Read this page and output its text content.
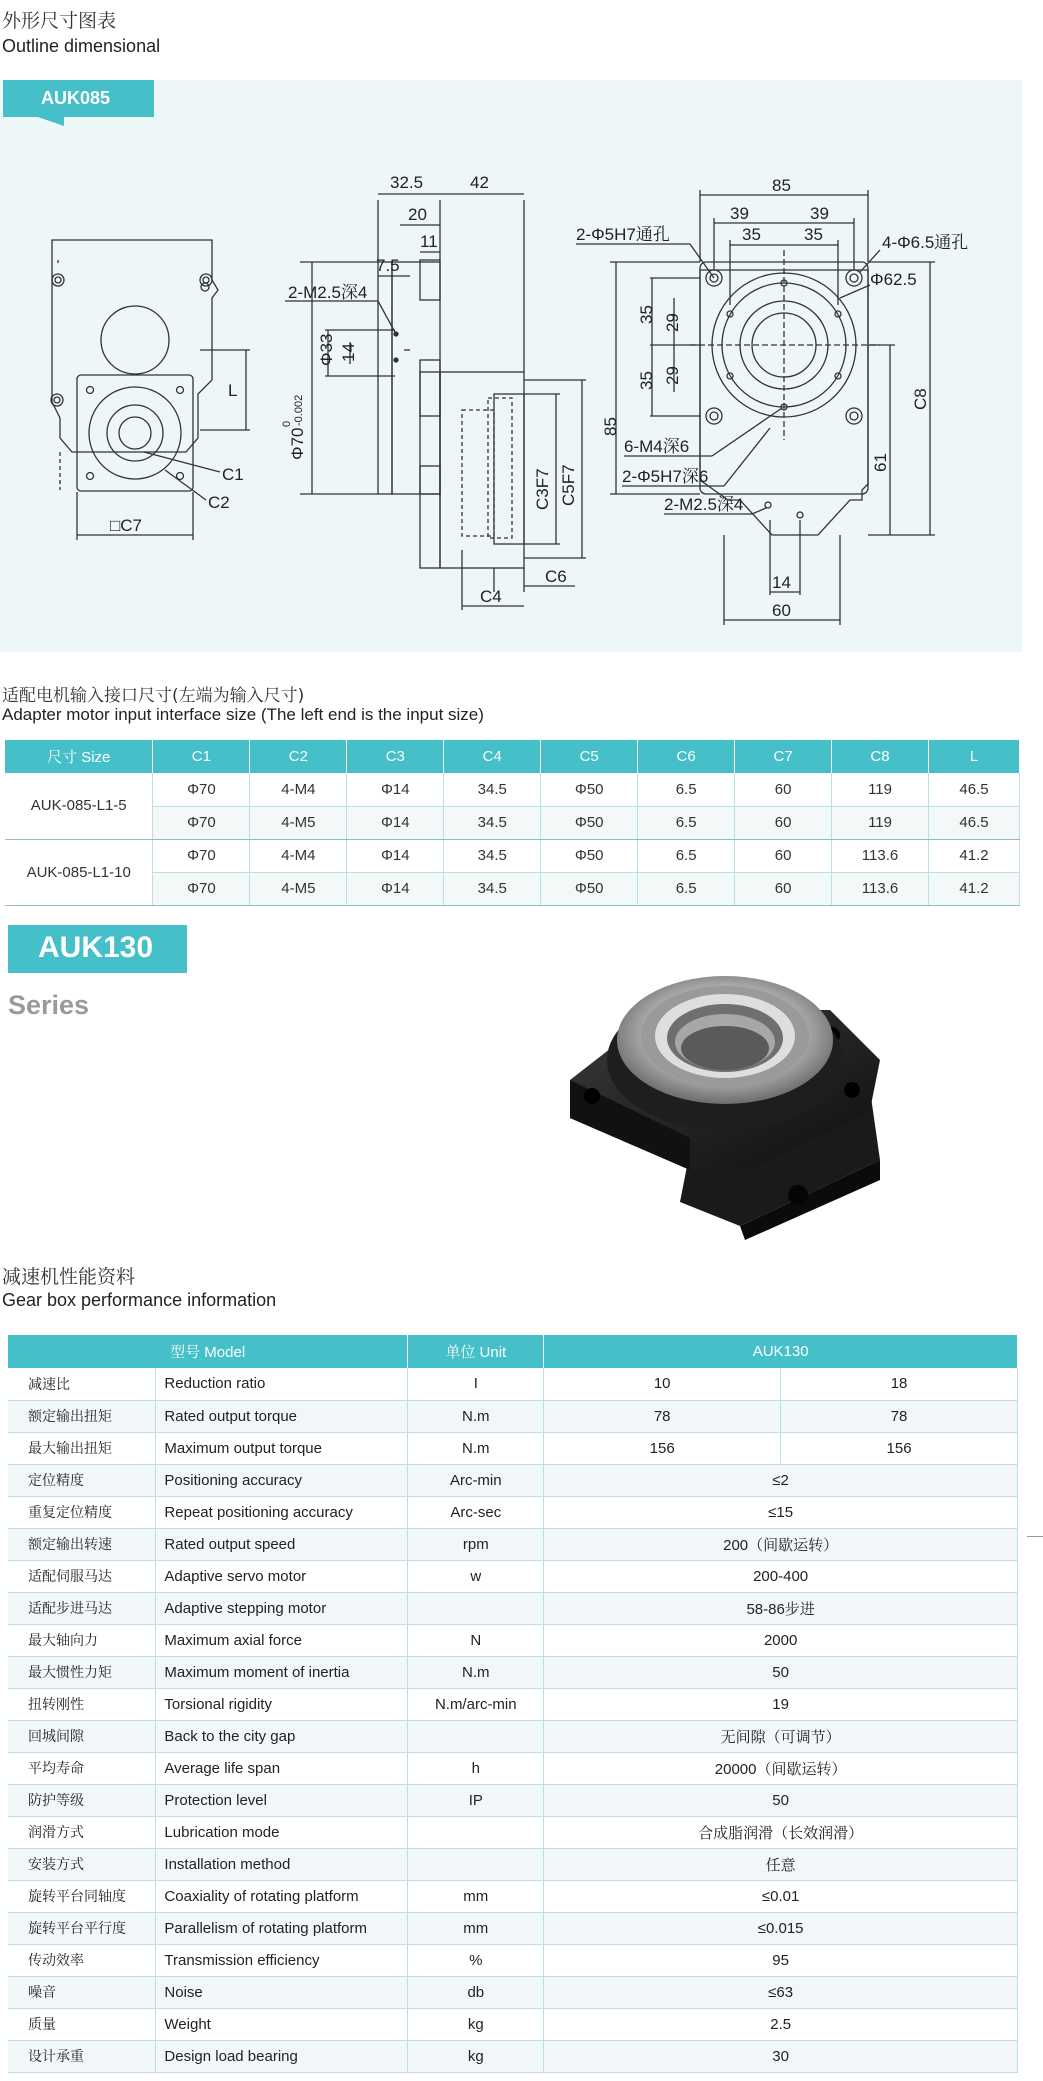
外形尺寸图表
Outline dimensional
L
C1
C2
□C7
32.5	42
20
11
7.5
2-M2.5深4
Φ70
0 -0.002
Φ33 14
C3F7 C5F7
C6
C4
85
39	39
35	35
2-Φ5H7通孔	4-Φ6.5通孔
Φ62.5
85
35
35
29
29
C8
61
6-M4深6
2-Φ5H7深6
2-M2.5深4
14
60
AUK085
适配电机输入接口尺寸(左端为输入尺寸)
Adapter motor input interface size (The left end is the input size)
尺寸 Size	C1	C2	C3	C4	C5	C6	C7	C8	L
AUK-085-L1-5	Φ70	4-M4	Φ14	34.5	Φ50	6.5	60	119	46.5
	Φ70	4-M5	Φ14	34.5	Φ50	6.5	60	119	46.5
AUK-085-L1-10	Φ70	4-M4	Φ14	34.5	Φ50	6.5	60	113.6	41.2
	Φ70	4-M5	Φ14	34.5	Φ50	6.5	60	113.6	41.2
AUK130
Series
减速机性能资料
Gear box performance information
型号 Model		单位 Unit	AUK130	
减速比	Reduction ratio	I	10	18
额定输出扭矩	Rated output torque	N.m	78	78
最大输出扭矩	Maximum output torque	N.m	156	156
定位精度	Positioning accuracy	Arc-min	≤2	
重复定位精度	Repeat positioning accuracy	Arc-sec	≤15	
额定输出转速	Rated output speed	rpm	200（间歇运转）	
适配伺服马达	Adaptive servo motor	w	200-400	
适配步进马达	Adaptive stepping motor		58-86步进	
最大轴向力	Maximum axial force	N	2000	
最大惯性力矩	Maximum moment of inertia	N.m	50	
扭转刚性	Torsional rigidity	N.m/arc-min	19	
回城间隙	Back to the city gap		无间隙（可调节）	
平均寿命	Average life span	h	20000（间歇运转）	
防护等级	Protection level	IP	50	
润滑方式	Lubrication mode		合成脂润滑（长效润滑）	
安装方式	Installation method		任意	
旋转平台同轴度	Coaxiality of rotating platform	mm	≤0.01	
旋转平台平行度	Parallelism of rotating platform	mm	≤0.015	
传动效率	Transmission efficiency	%	95	
噪音	Noise	db	≤63	
质量	Weight	kg	2.5	
设计承重	Design load bearing	kg	30	
